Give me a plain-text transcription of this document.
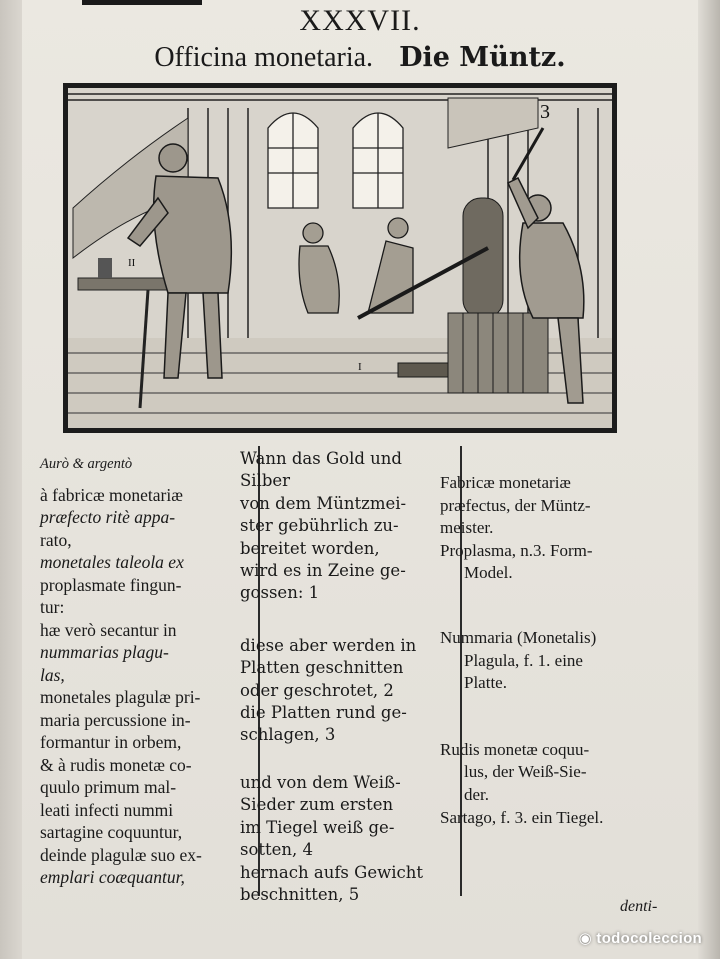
XXXVII.
Officina monetaria. Die Müntz.
3
II
I

Aurò & argentò

à fabricæ monetariæ

præfecto ritè appa-

rato,

monetales taleola ex

proplasmate fingun-

tur:

hæ verò secantur in

nummarias plagu-

las,

monetales plagulæ pri-

maria percussione in-

formantur in orbem,

& à rudis monetæ co-

quulo primum mal-

leati infecti nummi

sartagine coquuntur,

deinde plagulæ suo ex-

emplari coæquantur,

Wann das Gold und

Silber

von dem Müntzmei-

ster gebührlich zu-

bereitet worden,

wird es in Zeine ge-

gossen: 1

diese aber werden in

Platten geschnitten

oder geschrotet, 2

die Platten rund ge-

schlagen, 3

und von dem Weiß-

Sieder zum ersten

im Tiegel weiß ge-

sotten, 4

hernach aufs Gewicht

beschnitten, 5

Fabricæ monetariæ

præfectus, der Müntz-

meister.

Proplasma, n.3. Form-

Model.

Nummaria (Monetalis)

Plagula, f. 1. eine

Platte.

Rudis monetæ coquu-

lus, der Weiß-Sie-

der.

Sartago, f. 3. ein Tiegel.

denti-
◉ todocoleccion
